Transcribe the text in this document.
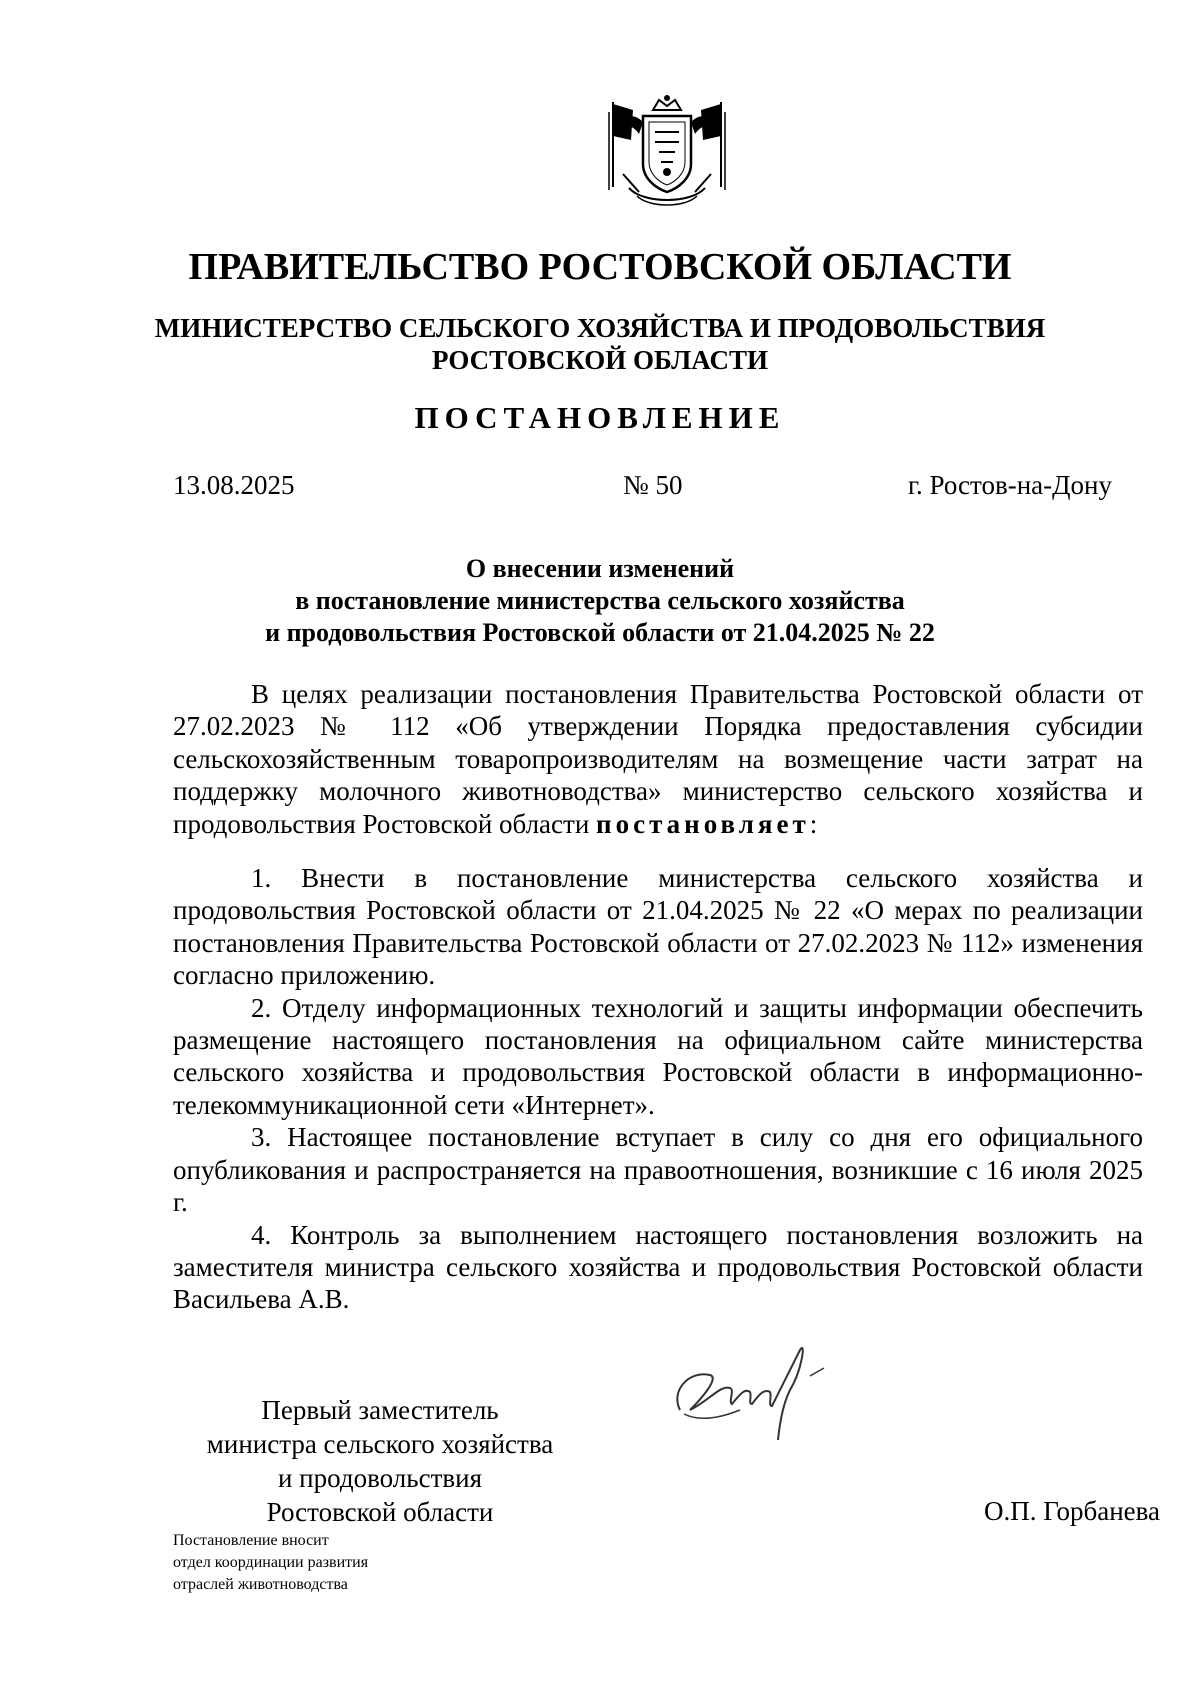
ПРАВИТЕЛЬСТВО РОСТОВСКОЙ ОБЛАСТИ
МИНИСТЕРСТВО СЕЛЬСКОГО ХОЗЯЙСТВА И ПРОДОВОЛЬСТВИЯ
РОСТОВСКОЙ ОБЛАСТИ
ПОСТАНОВЛЕНИЕ
13.08.2025	№ 50	г. Ростов-на-Дону
О внесении изменений
в постановление министерства сельского хозяйства
и продовольствия Ростовской области от 21.04.2025 № 22

В целях реализации постановления Правительства Ростовской области от 27.02.2023 № 112 «Об утверждении Порядка предоставления субсидии сельскохозяйственным товаропроизводителям на возмещение части затрат на поддержку молочного животноводства» министерство сельского хозяйства и продовольствия Ростовской области постановляет:

1. Внести в постановление министерства сельского хозяйства и продовольствия Ростовской области от 21.04.2025 № 22 «О мерах по реализации постановления Правительства Ростовской области от 27.02.2023 № 112» изменения согласно приложению.

2. Отделу информационных технологий и защиты информации обеспечить размещение настоящего постановления на официальном сайте министерства сельского хозяйства и продовольствия Ростовской области в информационно-телекоммуникационной сети «Интернет».

3. Настоящее постановление вступает в силу со дня его официального опубликования и распространяется на правоотношения, возникшие с 16 июля 2025 г.

4. Контроль за выполнением настоящего постановления возложить на заместителя министра сельского хозяйства и продовольствия Ростовской области Васильева А.В.

Первый заместитель
министра сельского хозяйства
и продовольствия
Ростовской области	О.П. Горбанева
Постановление вносит
отдел координации развития
отраслей животноводства
